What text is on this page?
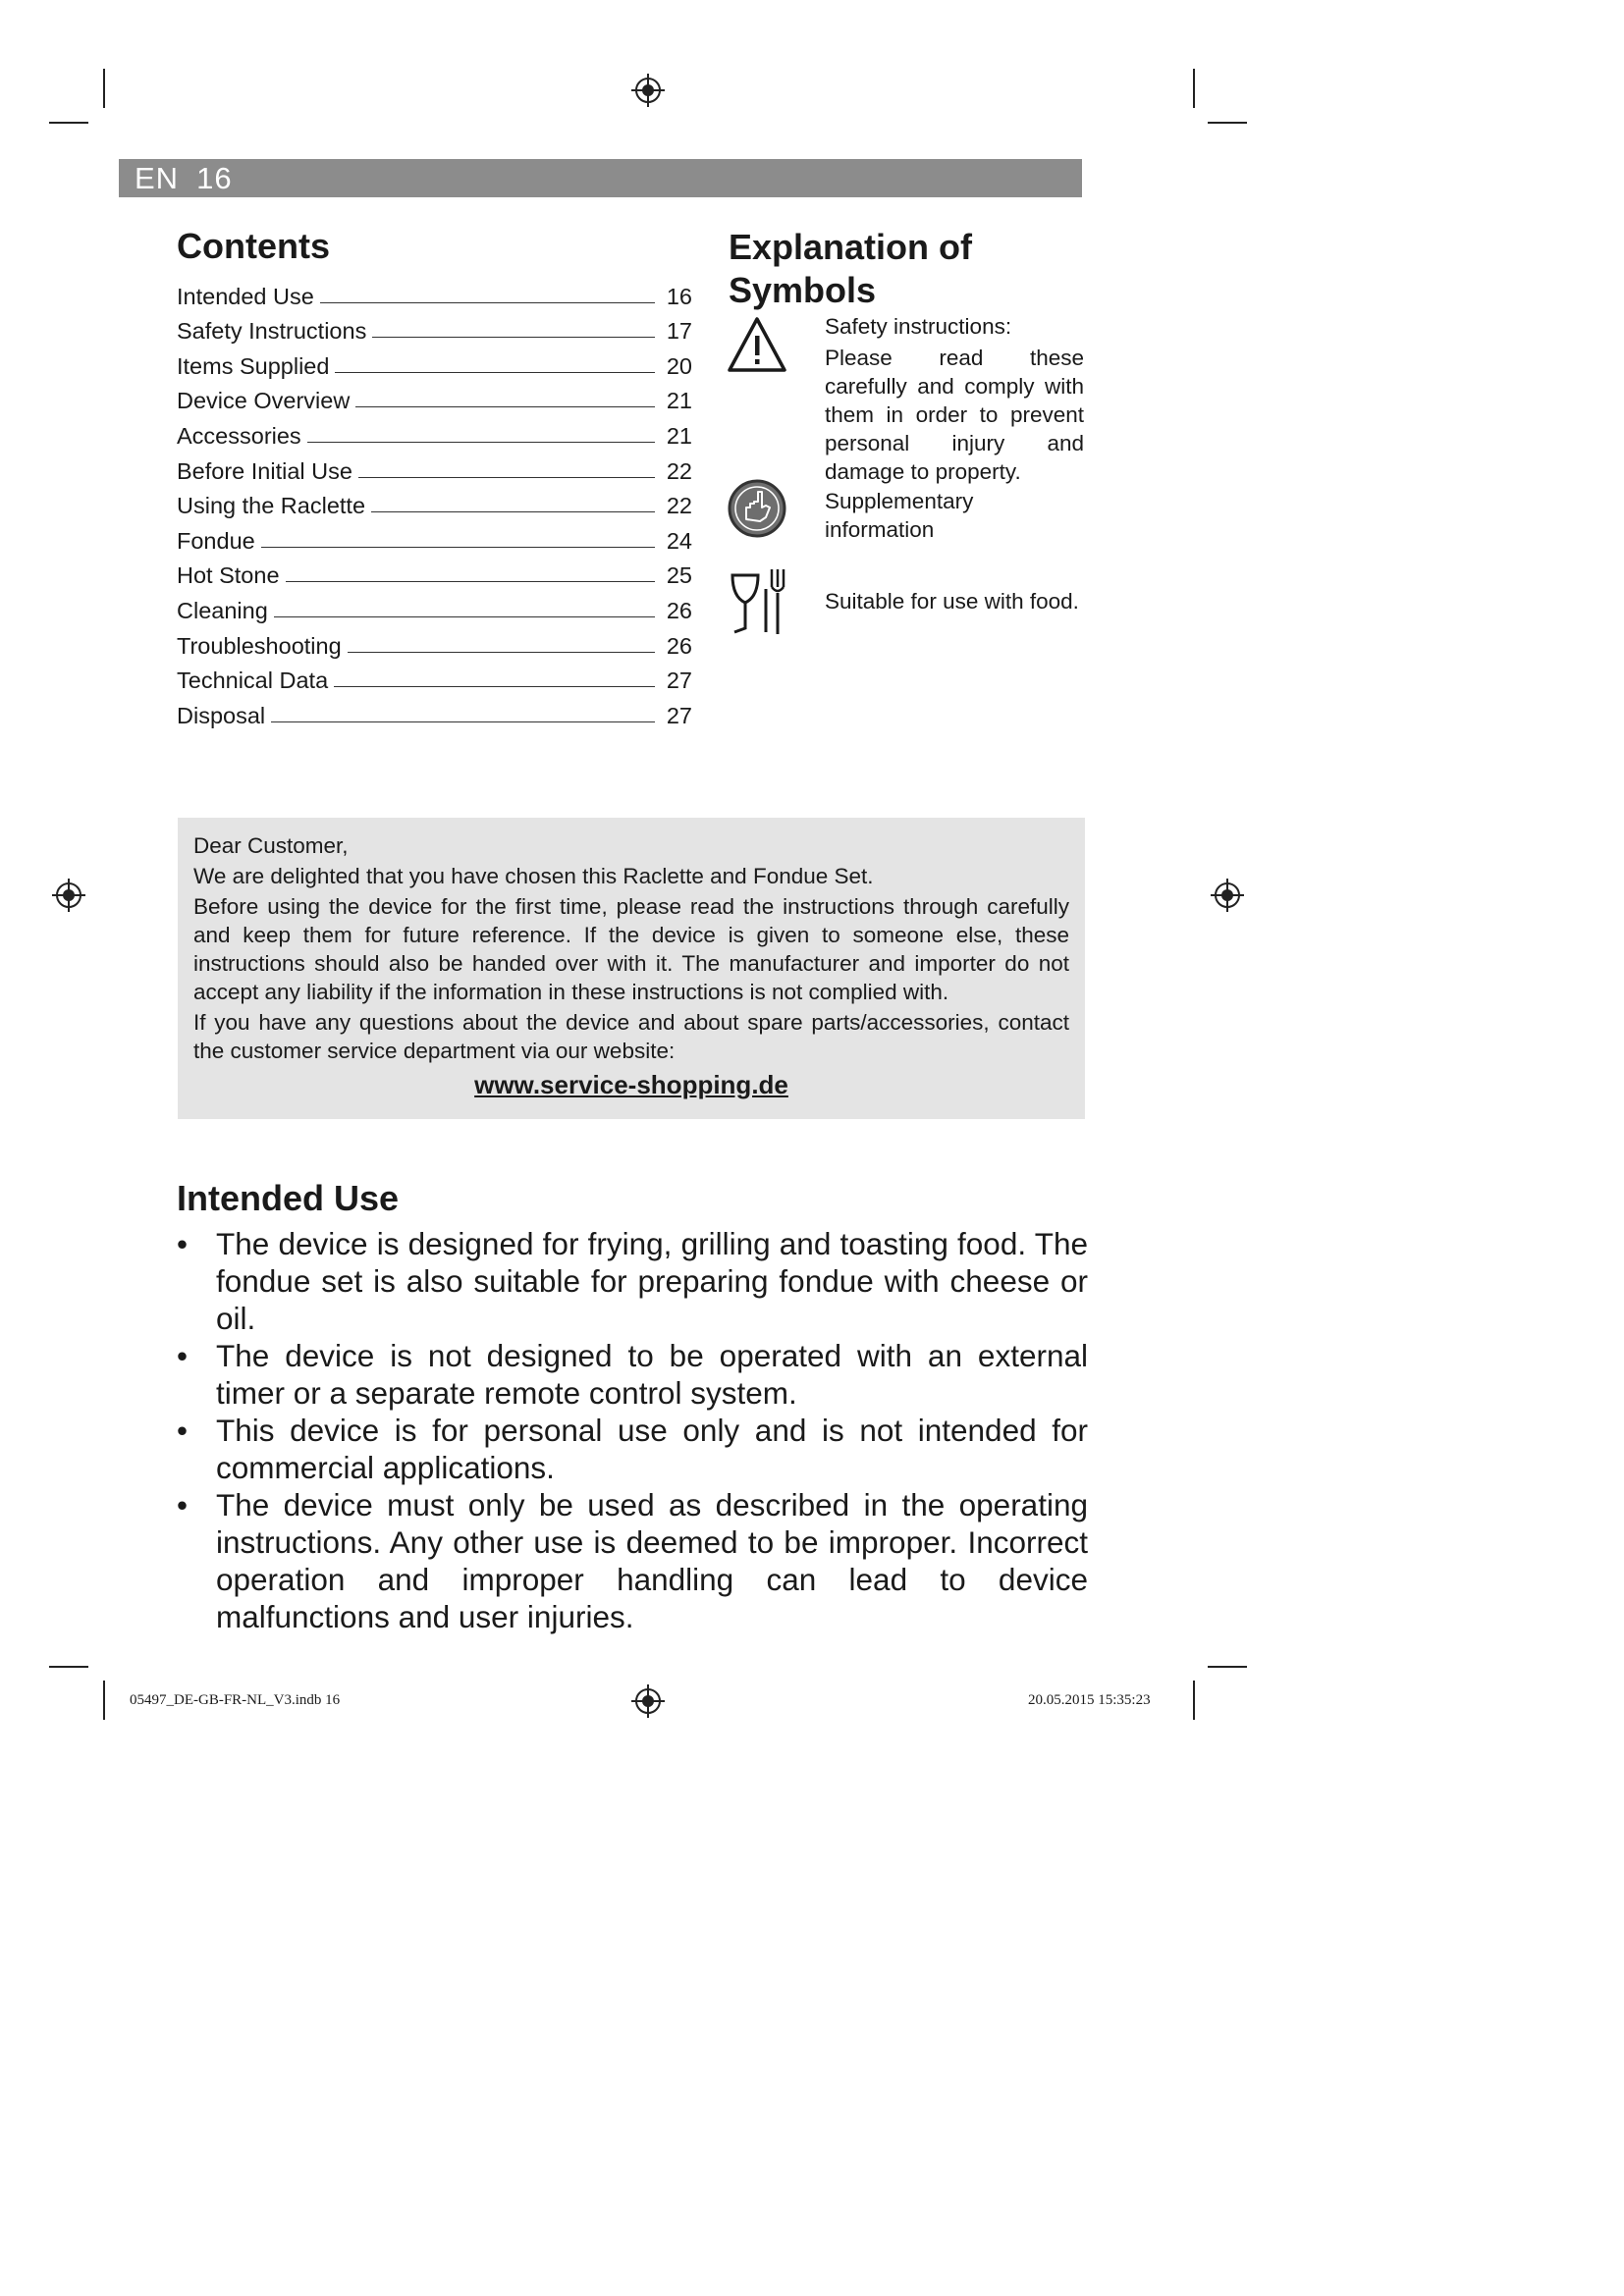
EN 16
Contents
Intended Use	16
Safety Instructions	17
Items Supplied	20
Device Overview	21
Accessories	21
Before Initial Use	22
Using the Raclette	22
Fondue	24
Hot Stone	25
Cleaning	26
Troubleshooting	26
Technical Data	27
Disposal	27
Explanation of Symbols
Safety instructions:
Please read these carefully and comply with them in order to prevent personal injury and damage to property.
Supplementary information
Suitable for use with food.

Dear Customer,

We are delighted that you have chosen this Raclette and Fondue Set.

Before using the device for the first time, please read the instructions through carefully and keep them for future reference. If the device is given to someone else, these instructions should also be handed over with it. The manufacturer and importer do not accept any liability if the information in these instructions is not complied with.

If you have any questions about the device and about spare parts/accessories, contact the customer service department via our website:

www.service-shopping.de

Intended Use
• The device is designed for frying, grilling and toasting food. The fondue set is also suitable for preparing fondue with cheese or oil.
• The device is not designed to be operated with an external timer or a separate remote control system.
• This device is for personal use only and is not intended for commercial applications.
• The device must only be used as described in the operating instructions. Any other use is deemed to be improper. Incorrect operation and improper handling can lead to device malfunctions and user injuries.
05497_DE-GB-FR-NL_V3.indb 16	20.05.2015 15:35:23
